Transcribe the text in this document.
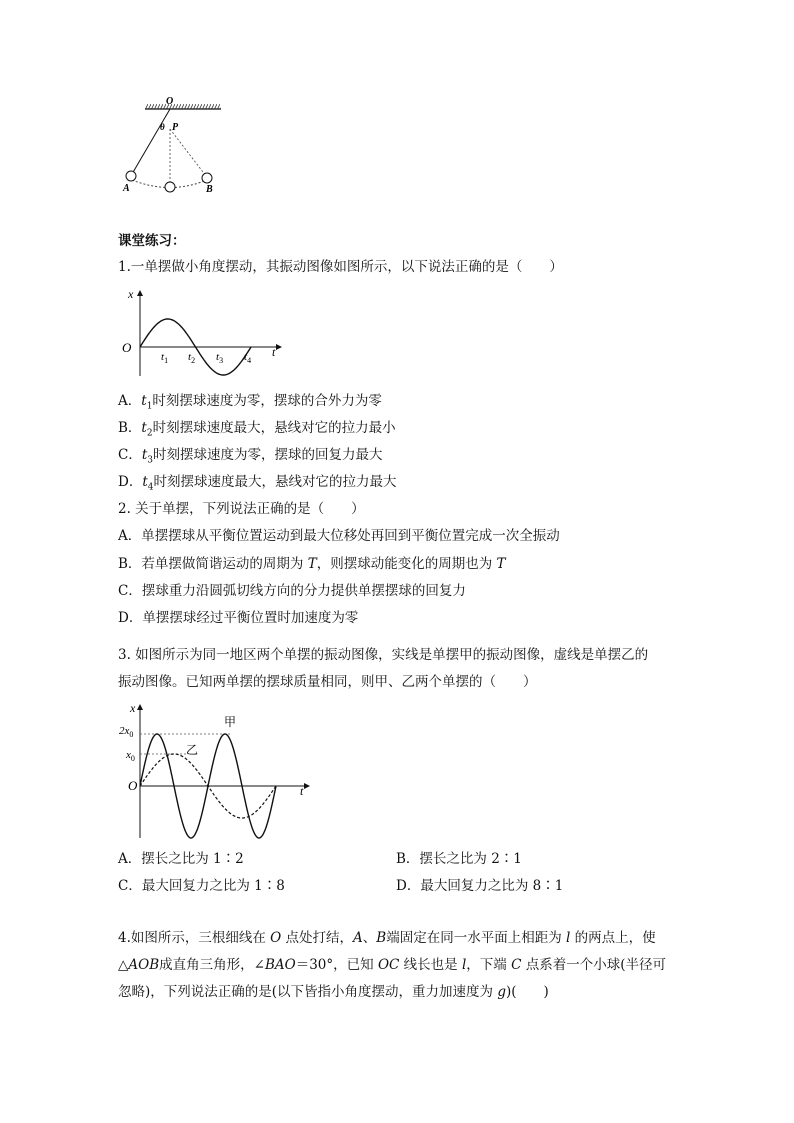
O
θ P
A	B
课堂练习：
1.一单摆做小角度摆动，其振动图像如图所示，以下说法正确的是（　　）
x
t
O
$t_1$ $t_2$ $t_3$ $t_4$
A．$t_1$时刻摆球速度为零，摆球的合外力为零
B．$t_2$时刻摆球速度最大，悬线对它的拉力最小
C．$t_3$时刻摆球速度为零，摆球的回复力最大
D．$t_4$时刻摆球速度最大，悬线对它的拉力最大
2. 关于单摆，下列说法正确的是（　　）
A．单摆摆球从平衡位置运动到最大位移处再回到平衡位置完成一次全振动
B．若单摆做简谐运动的周期为 T，则摆球动能变化的周期也为 T
C．摆球重力沿圆弧切线方向的分力提供单摆摆球的回复力
D．单摆摆球经过平衡位置时加速度为零
3. 如图所示为同一地区两个单摆的振动图像，实线是单摆甲的振动图像，虚线是单摆乙的
振动图像。已知两单摆的摆球质量相同，则甲、乙两个单摆的（　　）
x
t
O
$2x_0$
$x_0$
甲
乙
A．摆长之比为 1∶2	B．摆长之比为 2∶1
C．最大回复力之比为 1∶8	D．最大回复力之比为 8∶1
4.如图所示，三根细线在 O 点处打结，A、B端固定在同一水平面上相距为 l 的两点上，使
△AOB成直角三角形，∠BAO＝30°，已知 OC 线长也是 l，下端 C 点系着一个小球(半径可
忽略)，下列说法正确的是(以下皆指小角度摆动，重力加速度为 g)(　　)
